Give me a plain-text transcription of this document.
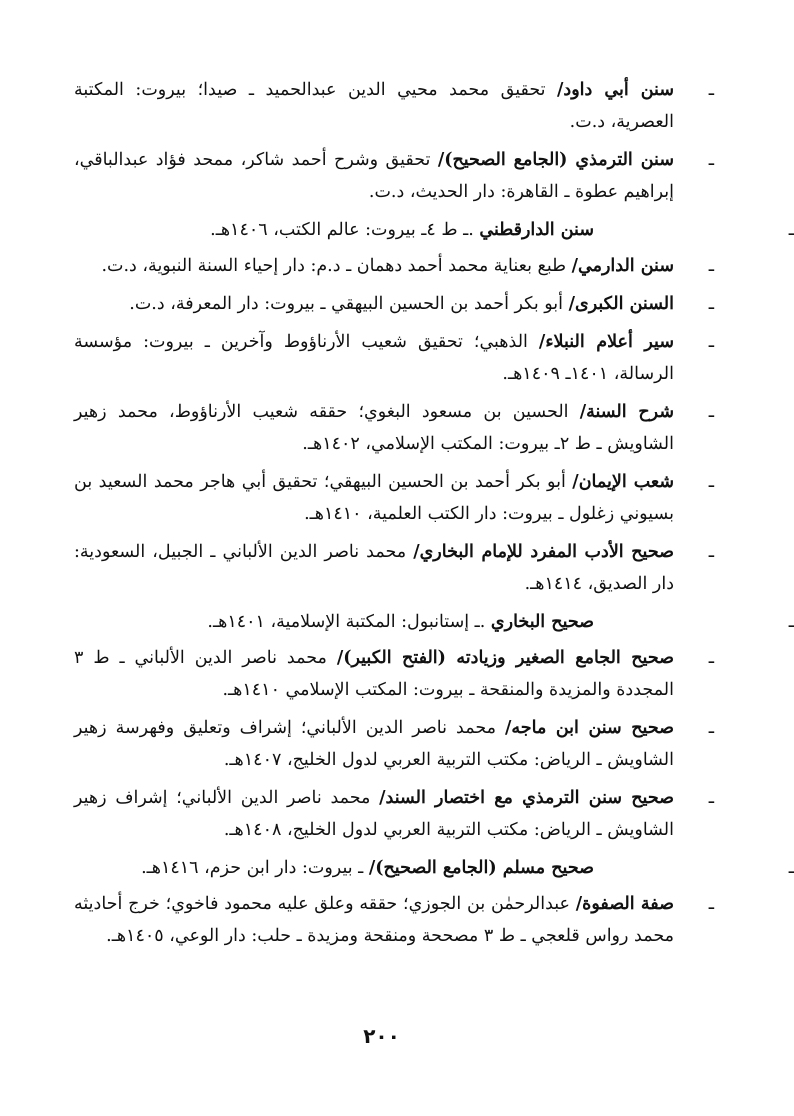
ـ
سنن أبي داود/ تحقيق محمد محيي الدين عبدالحميد ـ صيدا؛ بيروت: المكتبة العصرية، د.ت.
ـ
سنن الترمذي (الجامع الصحيح)/ تحقيق وشرح أحمد شاكر، ممحد فؤاد عبدالباقي، إبراهيم عطوة ـ القاهرة: دار الحديث، د.ت.
ـ
سنن الدارقطني .ـ ط ٤ـ بيروت: عالم الكتب، ١٤٠٦هـ.
ـ
سنن الدارمي/ طبع بعناية محمد أحمد دهمان ـ د.م: دار إحياء السنة النبوية، د.ت.
ـ
السنن الكبرى/ أبو بكر أحمد بن الحسين البيهقي ـ بيروت: دار المعرفة، د.ت.
ـ
سير أعلام النبلاء/ الذهبي؛ تحقيق شعيب الأرناؤوط وآخرين ـ بيروت: مؤسسة الرسالة، ١٤٠١ـ ١٤٠٩هـ.
ـ
شرح السنة/ الحسين بن مسعود البغوي؛ حققه شعيب الأرناؤوط، محمد زهير الشاويش ـ ط ٢ـ بيروت: المكتب الإسلامي، ١٤٠٢هـ.
ـ
شعب الإيمان/ أبو بكر أحمد بن الحسين البيهقي؛ تحقيق أبي هاجر محمد السعيد بن بسيوني زغلول ـ بيروت: دار الكتب العلمية، ١٤١٠هـ.
ـ
صحيح الأدب المفرد للإمام البخاري/ محمد ناصر الدين الألباني ـ الجبيل، السعودية: دار الصديق، ١٤١٤هـ.
ـ
صحيح البخاري .ـ إستانبول: المكتبة الإسلامية، ١٤٠١هـ.
ـ
صحيح الجامع الصغير وزيادته (الفتح الكبير)/ محمد ناصر الدين الألباني ـ ط ٣ المجددة والمزيدة والمنقحة ـ بيروت: المكتب الإسلامي ١٤١٠هـ.
ـ
صحيح سنن ابن ماجه/ محمد ناصر الدين الألباني؛ إشراف وتعليق وفهرسة زهير الشاويش ـ الرياض: مكتب التربية العربي لدول الخليج، ١٤٠٧هـ.
ـ
صحيح سنن الترمذي مع اختصار السند/ محمد ناصر الدين الألباني؛ إشراف زهير الشاويش ـ الرياض: مكتب التربية العربي لدول الخليج، ١٤٠٨هـ.
ـ
صحيح مسلم (الجامع الصحيح)/ ـ بيروت: دار ابن حزم، ١٤١٦هـ.
ـ
صفة الصفوة/ عبدالرحمٰن بن الجوزي؛ حققه وعلق عليه محمود فاخوي؛ خرج أحاديثه محمد رواس قلعجي ـ ط ٣ مصححة ومنقحة ومزيدة ـ حلب: دار الوعي، ١٤٠٥هـ.
٢٠٠
